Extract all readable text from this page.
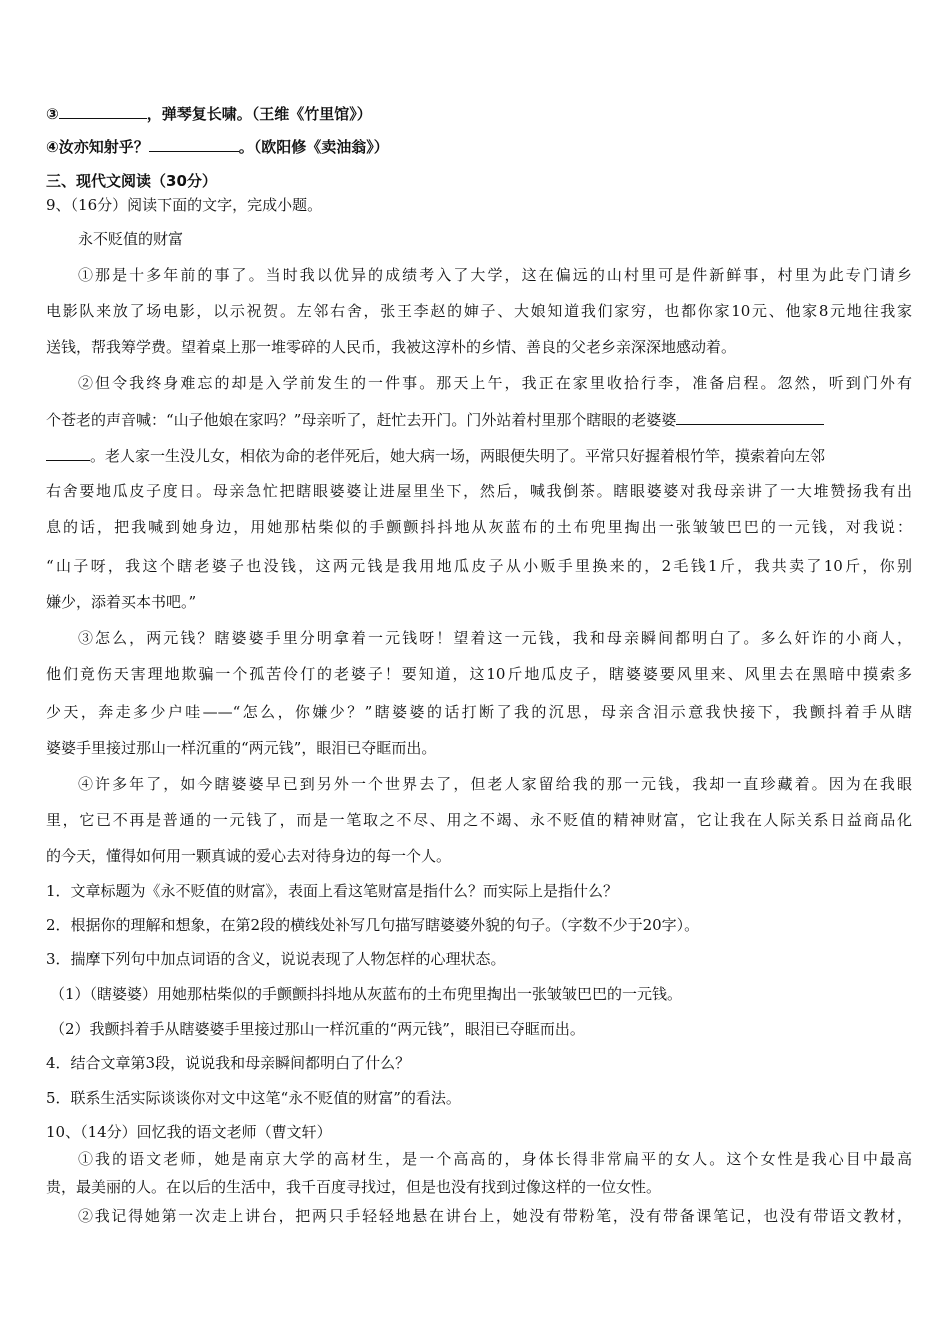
③	，弹琴复长啸。（王维《竹里馆》）

④汝亦知射乎？	。（欧阳修《卖油翁》）

三、现代文阅读（30分）

9、（16分）阅读下面的文字，完成小题。

永不贬值的财富

①那是十多年前的事了。当时我以优异的成绩考入了大学，这在偏远的山村里可是件新鲜事，村里为此专门请乡

电影队来放了场电影，以示祝贺。左邻右舍，张王李赵的婶子、大娘知道我们家穷，也都你家10元、他家8元地往我家

送钱，帮我筹学费。望着桌上那一堆零碎的人民币，我被这淳朴的乡情、善良的父老乡亲深深地感动着。

②但令我终身难忘的却是入学前发生的一件事。那天上午，我正在家里收拾行李，准备启程。忽然，听到门外有

个苍老的声音喊：“山子他娘在家吗？”母亲听了，赶忙去开门。门外站着村里那个瞎眼的老婆婆

。老人家一生没儿女，相依为命的老伴死后，她大病一场，两眼便失明了。平常只好握着根竹竿，摸索着向左邻

右舍要地瓜皮子度日。母亲急忙把瞎眼婆婆让进屋里坐下，然后，喊我倒茶。瞎眼婆婆对我母亲讲了一大堆赞扬我有出

息的话，把我喊到她身边，用她那枯柴似的手颤颤抖抖地从灰蓝布的土布兜里掏出一张皱皱巴巴的一元钱，对我说：

“山子呀，我这个瞎老婆子也没钱，这两元钱是我用地瓜皮子从小贩手里换来的，2毛钱1斤，我共卖了10斤，你别

嫌少，添着买本书吧。”

③怎么，两元钱？瞎婆婆手里分明拿着一元钱呀！望着这一元钱，我和母亲瞬间都明白了。多么奸诈的小商人，

他们竟伤天害理地欺骗一个孤苦伶仃的老婆子！要知道，这10斤地瓜皮子，瞎婆婆要风里来、风里去在黑暗中摸索多

少天，奔走多少户哇——“怎么，你嫌少？”瞎婆婆的话打断了我的沉思，母亲含泪示意我快接下，我颤抖着手从瞎

婆婆手里接过那山一样沉重的“两元钱”，眼泪已夺眶而出。

④许多年了，如今瞎婆婆早已到另外一个世界去了，但老人家留给我的那一元钱，我却一直珍藏着。因为在我眼

里，它已不再是普通的一元钱了，而是一笔取之不尽、用之不竭、永不贬值的精神财富，它让我在人际关系日益商品化

的今天，懂得如何用一颗真诚的爱心去对待身边的每一个人。

1．文章标题为《永不贬值的财富》，表面上看这笔财富是指什么？而实际上是指什么？

2．根据你的理解和想象，在第2段的横线处补写几句描写瞎婆婆外貌的句子。（字数不少于20字）。

3．揣摩下列句中加点词语的含义，说说表现了人物怎样的心理状态。

（1）（瞎婆婆）用她那枯柴似的手颤颤抖抖地从灰蓝布的土布兜里掏出一张皱皱巴巴的一元钱。

（2）我颤抖着手从瞎婆婆手里接过那山一样沉重的“两元钱”，眼泪已夺眶而出。

4．结合文章第3段，说说我和母亲瞬间都明白了什么？

5．联系生活实际谈谈你对文中这笔“永不贬值的财富”的看法。

10、（14分）回忆我的语文老师（曹文轩）

①我的语文老师，她是南京大学的高材生，是一个高高的，身体长得非常扁平的女人。这个女性是我心目中最高

贵，最美丽的人。在以后的生活中，我千百度寻找过，但是也没有找到过像这样的一位女性。

②我记得她第一次走上讲台，把两只手轻轻地悬在讲台上，她没有带粉笔，没有带备课笔记，也没有带语文教材，
